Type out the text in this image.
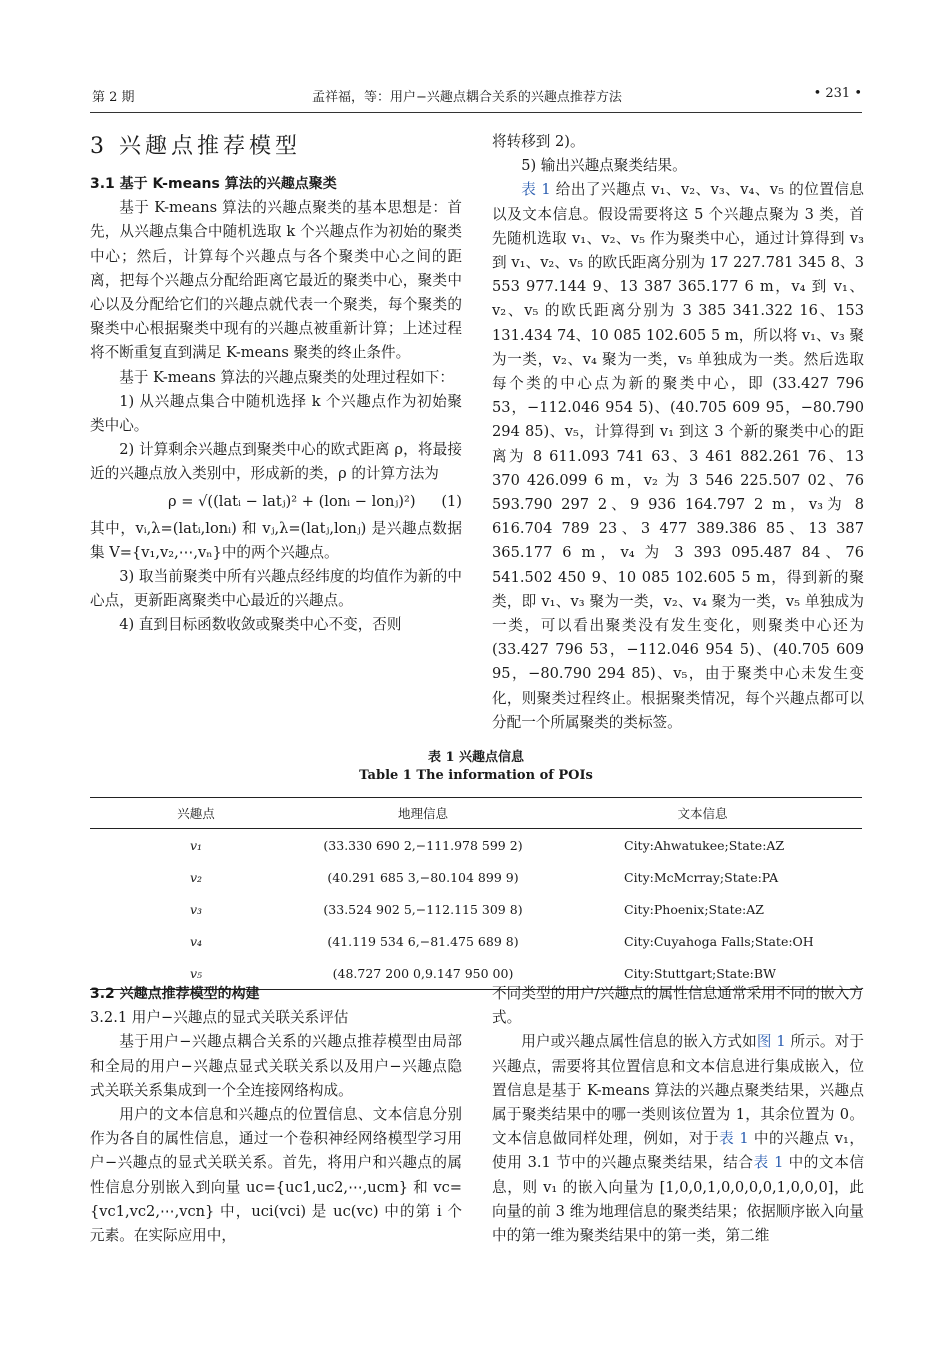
第 2 期	孟祥福，等：用户−兴趣点耦合关系的兴趣点推荐方法	• 231 •

3 兴趣点推荐模型

3.1 基于 K-means 算法的兴趣点聚类

基于 K-means 算法的兴趣点聚类的基本思想是：首先，从兴趣点集合中随机选取 k 个兴趣点作为初始的聚类中心；然后，计算每个兴趣点与各个聚类中心之间的距离，把每个兴趣点分配给距离它最近的聚类中心，聚类中心以及分配给它们的兴趣点就代表一个聚类，每个聚类的聚类中心根据聚类中现有的兴趣点被重新计算；上述过程将不断重复直到满足 K-means 聚类的终止条件。

基于 K-means 算法的兴趣点聚类的处理过程如下：

1) 从兴趣点集合中随机选择 k 个兴趣点作为初始聚类中心。

2) 计算剩余兴趣点到聚类中心的欧式距离 ρ，将最接近的兴趣点放入类别中，形成新的类，ρ 的计算方法为

ρ = √((latᵢ − latⱼ)² + (lonᵢ − lonⱼ)²) (1)

其中，vᵢ,λ=(latᵢ,lonᵢ) 和 vⱼ,λ=(latⱼ,lonⱼ) 是兴趣点数据集 V={v₁,v₂,⋯,vₙ}中的两个兴趣点。

3) 取当前聚类中所有兴趣点经纬度的均值作为新的中心点，更新距离聚类中心最近的兴趣点。

4) 直到目标函数收敛或聚类中心不变，否则

将转移到 2)。

5) 输出兴趣点聚类结果。

表 1 给出了兴趣点 v₁、v₂、v₃、v₄、v₅ 的位置信息以及文本信息。假设需要将这 5 个兴趣点聚为 3 类，首先随机选取 v₁、v₂、v₅ 作为聚类中心，通过计算得到 v₃ 到 v₁、v₂、v₅ 的欧氏距离分别为 17 227.781 345 8、3 553 977.144 9、13 387 365.177 6 m，v₄ 到 v₁、v₂、v₅ 的欧氏距离分别为 3 385 341.322 16、153 131.434 74、10 085 102.605 5 m，所以将 v₁、v₃ 聚为一类，v₂、v₄ 聚为一类，v₅ 单独成为一类。然后选取每个类的中心点为新的聚类中心，即 (33.427 796 53，−112.046 954 5)、(40.705 609 95，−80.790 294 85)、v₅，计算得到 v₁ 到这 3 个新的聚类中心的距离为 8 611.093 741 63、3 461 882.261 76、13 370 426.099 6 m，v₂ 为 3 546 225.507 02、76 593.790 297 2、9 936 164.797 2 m，v₃为 8 616.704 789 23、3 477 389.386 85、13 387 365.177 6 m，v₄ 为 3 393 095.487 84、76 541.502 450 9、10 085 102.605 5 m，得到新的聚类，即 v₁、v₃ 聚为一类，v₂、v₄ 聚为一类，v₅ 单独成为一类，可以看出聚类没有发生变化，则聚类中心还为 (33.427 796 53，−112.046 954 5)、(40.705 609 95，−80.790 294 85)、v₅，由于聚类中心未发生变化，则聚类过程终止。根据聚类情况，每个兴趣点都可以分配一个所属聚类的类标签。

表 1 兴趣点信息
Table 1 The information of POIs
兴趣点	地理信息	文本信息
v₁	(33.330 690 2,−111.978 599 2)	City:Ahwatukee;State:AZ
v₂	(40.291 685 3,−80.104 899 9)	City:McMcrray;State:PA
v₃	(33.524 902 5,−112.115 309 8)	City:Phoenix;State:AZ
v₄	(41.119 534 6,−81.475 689 8)	City:Cuyahoga Falls;State:OH
v₅	(48.727 200 0,9.147 950 00)	City:Stuttgart;State:BW

3.2 兴趣点推荐模型的构建

3.2.1 用户−兴趣点的显式关联关系评估

基于用户−兴趣点耦合关系的兴趣点推荐模型由局部和全局的用户−兴趣点显式关联关系以及用户−兴趣点隐式关联关系集成到一个全连接网络构成。

用户的文本信息和兴趣点的位置信息、文本信息分别作为各自的属性信息，通过一个卷积神经网络模型学习用户−兴趣点的显式关联关系。首先，将用户和兴趣点的属性信息分别嵌入到向量 uc={uc1,uc2,⋯,ucm} 和 vc={vc1,vc2,⋯,vcn} 中，uci(vci) 是 uc(vc) 中的第 i 个元素。在实际应用中，

不同类型的用户/兴趣点的属性信息通常采用不同的嵌入方式。

用户或兴趣点属性信息的嵌入方式如图 1 所示。对于兴趣点，需要将其位置信息和文本信息进行集成嵌入，位置信息是基于 K-means 算法的兴趣点聚类结果，兴趣点属于聚类结果中的哪一类则该位置为 1，其余位置为 0。文本信息做同样处理，例如，对于表 1 中的兴趣点 v₁，使用 3.1 节中的兴趣点聚类结果，结合表 1 中的文本信息，则 v₁ 的嵌入向量为 [1,0,0,1,0,0,0,0,1,0,0,0]，此向量的前 3 维为地理信息的聚类结果；依据顺序嵌入向量中的第一维为聚类结果中的第一类，第二维
